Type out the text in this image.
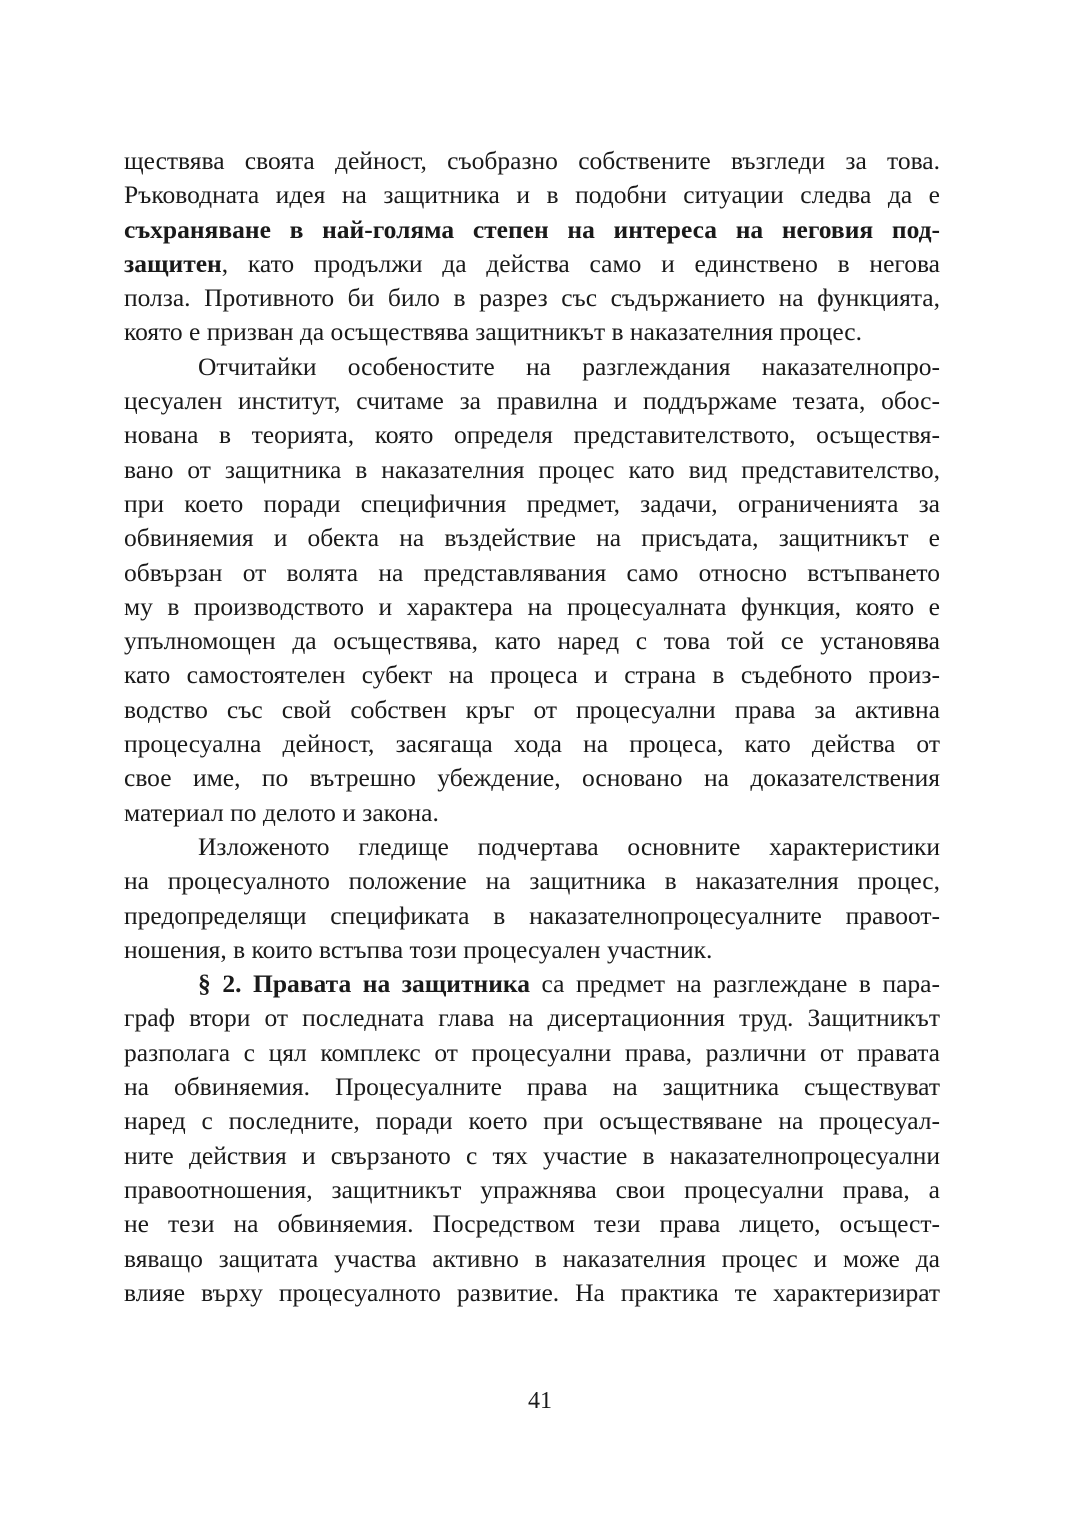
ществява своята дейност, съобразно собствените възгледи за това.
Ръководната идея на защитника и в подобни ситуации следва да е
съхраняване в най-голяма степен на интереса на неговия под-
защитен, като продължи да действа само и единствено в негова
полза. Противното би било в разрез със съдържанието на функцията,
която е призван да осъществява защитникът в наказателния процес.
Отчитайки особеностите на разглеждания наказателнопро-
цесуален институт, считаме за правилна и поддържаме тезата, обос-
нована в теорията, която определя представителството, осъществя-
вано от защитника в наказателния процес като вид представителство,
при което поради специфичния предмет, задачи, ограниченията за
обвиняемия и обекта на въздействие на присъдата, защитникът е
обвързан от волята на представлявания само относно встъпването
му в производството и характера на процесуалната функция, която е
упълномощен да осъществява, като наред с това той се установява
като самостоятелен субект на процеса и страна в съдебното произ-
водство със свой собствен кръг от процесуални права за активна
процесуална дейност, засягаща хода на процеса, като действа от
свое име, по вътрешно убеждение, основано на доказателствения
материал по делото и закона.
Изложеното гледище подчертава основните характеристики
на процесуалното положение на защитника в наказателния процес,
предопределящи спецификата в наказателнопроцесуалните правоот-
ношения, в които встъпва този процесуален участник.
§ 2. Правата на защитника са предмет на разглеждане в пара-
граф втори от последната глава на дисертационния труд. Защитникът
разполага с цял комплекс от процесуални права, различни от правата
на обвиняемия. Процесуалните права на защитника съществуват
наред с последните, поради което при осъществяване на процесуал-
ните действия и свързаното с тях участие в наказателнопроцесуални
правоотношения, защитникът упражнява свои процесуални права, а
не тези на обвиняемия. Посредством тези права лицето, осъщест-
вяващо защитата участва активно в наказателния процес и може да
влияе върху процесуалното развитие. На практика те характеризират
41
